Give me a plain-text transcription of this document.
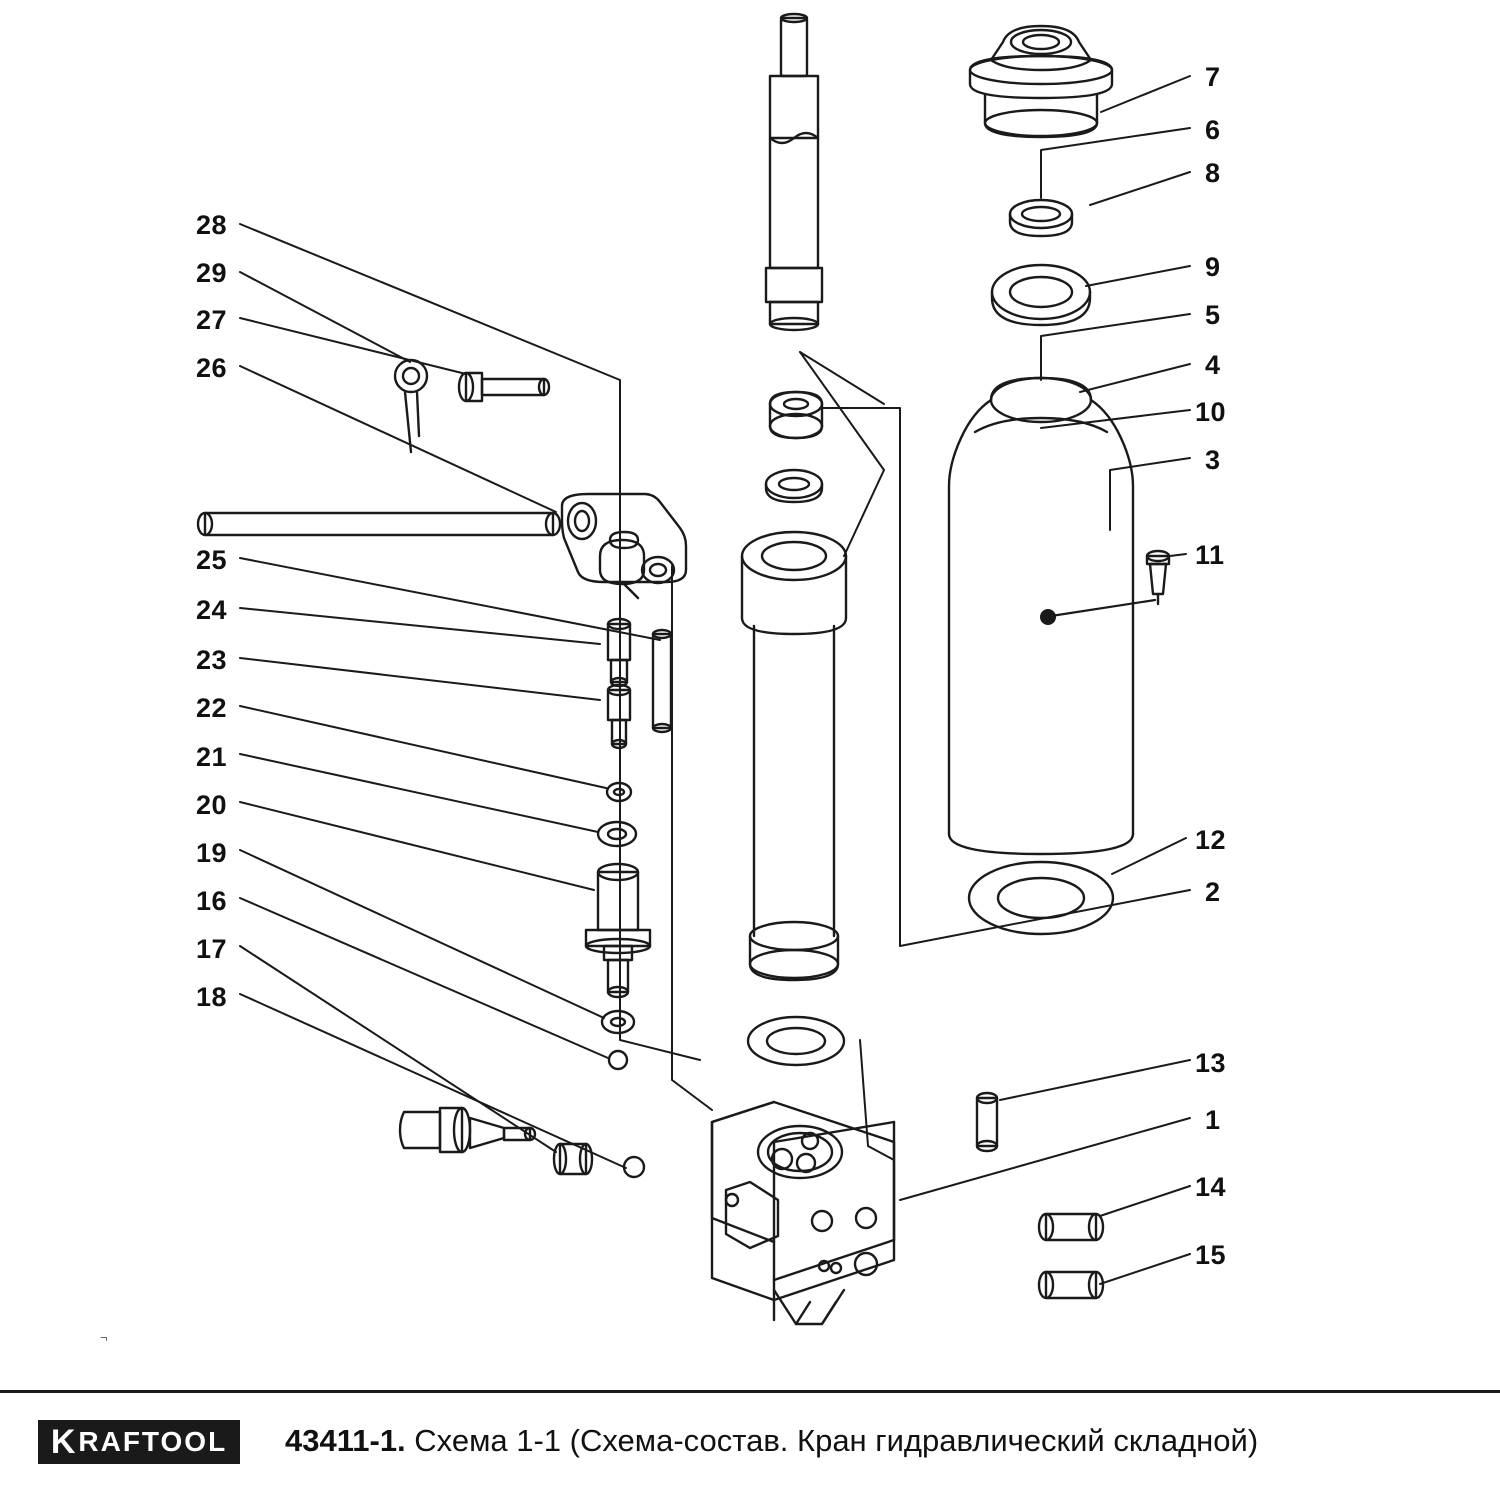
7
6
8
9
5
4
10
3
11
12
2
13
1
14
15
28
29
27
26
25
24
23
22
21
20
19
16
17
18
¬
K RAFTOOL 43411-1. Схема 1-1 (Схема-состав. Кран гидравлический складной)
